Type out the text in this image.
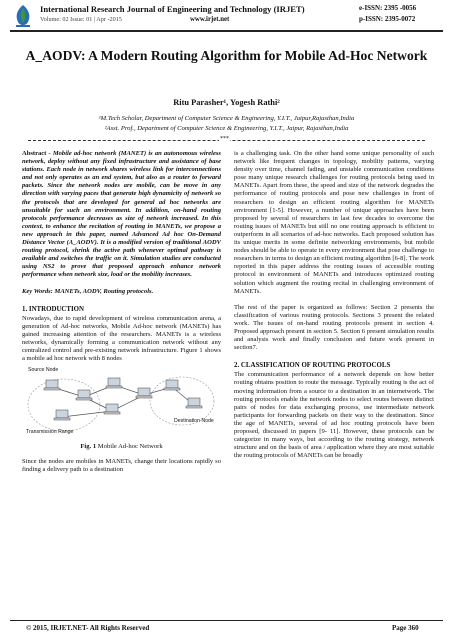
International Research Journal of Engineering and Technology (IRJET)
Volume: 02 Issue: 01 | Apr -2015	www.irjet.net
e-ISSN: 2395 -0056
p-ISSN: 2395-0072
A_AODV: A Modern Routing Algorithm for Mobile Ad-Hoc Network
Ritu Parasher¹, Yogesh Rathi²
¹M.Tech Scholar, Department of Computer Science & Engineering, Y.I.T., Jaipur,Rajasthan,India
²Asst. Prof., Department of Computer Science & Engineering, Y.I.T., Jaipur, Rajasthan,India
***

Abstract - Mobile ad-hoc network (MANET) is an autonomous wireless network, deploy without any fixed infrastructure and assistance of base stations. Each node in network shares wireless link for interconnections and not only operates as an end system, but also as a router to forward packets. Since the network nodes are mobile, can be move in any direction with varying paces that generate high dynamicity of network so the protocols that are developed for general ad hoc networks are unsuitable for such an environment. In addition, on-hand routing protocols performance decreases as size of network increased. In this context, to enhance the recitation of routing in MANETs, we propose a new approach in this paper, named Advanced Ad hoc On-Demand Distance Vector (A_AODV). It is a modified version of traditional AODV routing protocol, shrink the active path whenever optimal pathway is available and switches the traffic on it. Simulation studies are conducted using NS2 to prove that proposed approach enhance network performance when network size, load or the mobility increases.

Key Words: MANETs, AODV, Routing protocols.

1. INTRODUCTION

Nowadays, due to rapid development of wireless communication arena, a generation of Ad-hoc networks, Mobile Ad-hoc network (MANETs) has gained increasing attention of the researchers. MANETs is a wireless networks, dynamically forming a communication network without any centralized control and pre-existing network infrastructure. Figure 1 shows a mobile ad hoc network with 8 nodes

Source Node
Destination Node
Transmission Range

Fig. 1 Mobile Ad-hoc Network

Since the nodes are mobiles in MANETs, change their locations rapidly so finding a delivery path to a destination

is a challenging task. On the other hand some unique personality of such network like frequent changes in topology, mobility patterns, varying density over time, channel fading, and unstable communication conditions pose many unique research challenges for routing protocols being used in MANETs. Apart from these, the speed and size of the network degrades the performance of routing protocols and pose new challenges in front of researchers to design an efficient routing algorithm for MANETs environment [1-5]. However, a number of unique approaches have been proposed by several of researchers in last few decades to overcome the routing issues of MANETs but still no one routing approach is efficient to outperform in all scenarios of ad-hoc networks. Each proposed solution has its unique merits in some definite networking environments, but mobile nodes should be able to operate in every environment that pose challenge to researchers in terms to design an efficient routing algorithm [6-8]. The work reported in this paper address the routing issues of accessible routing protocol in environment of MANETs and introduces optimized routing solution which augment the routing recital in challenging environment of MANETs.

The rest of the paper is organized as follows: Section 2 presents the classification of various routing protocols. Sections 3 present the related work. The issues of on-hand routing protocols present in section 4. Proposed approach present in section 5. Section 6 present simulation results and analysis work and finally conclusion and future work present in section7.

2. CLASSIFICATION OF ROUTING PROTOCOLS

The communication performance of a network depends on how better routing obtains position to route the message. Typically routing is the act of moving information from a source to a destination in an internetwork. The routing protocols enable the network nodes to select routes between distinct pairs of nodes for data exchanging process, use intermediate network participants for forwarding packets on their way to the destination. Since the age of MANETs, several of ad hoc routing protocols have been proposed, discussed in papers [9- 11]. However, these protocols can be categorize in many ways, but according to the routing strategy, network structure and on the basis of area / application where they are most suitable the routing protocols of MANETs can be broadly

© 2015, IRJET.NET- All Rights Reserved	Page 360
